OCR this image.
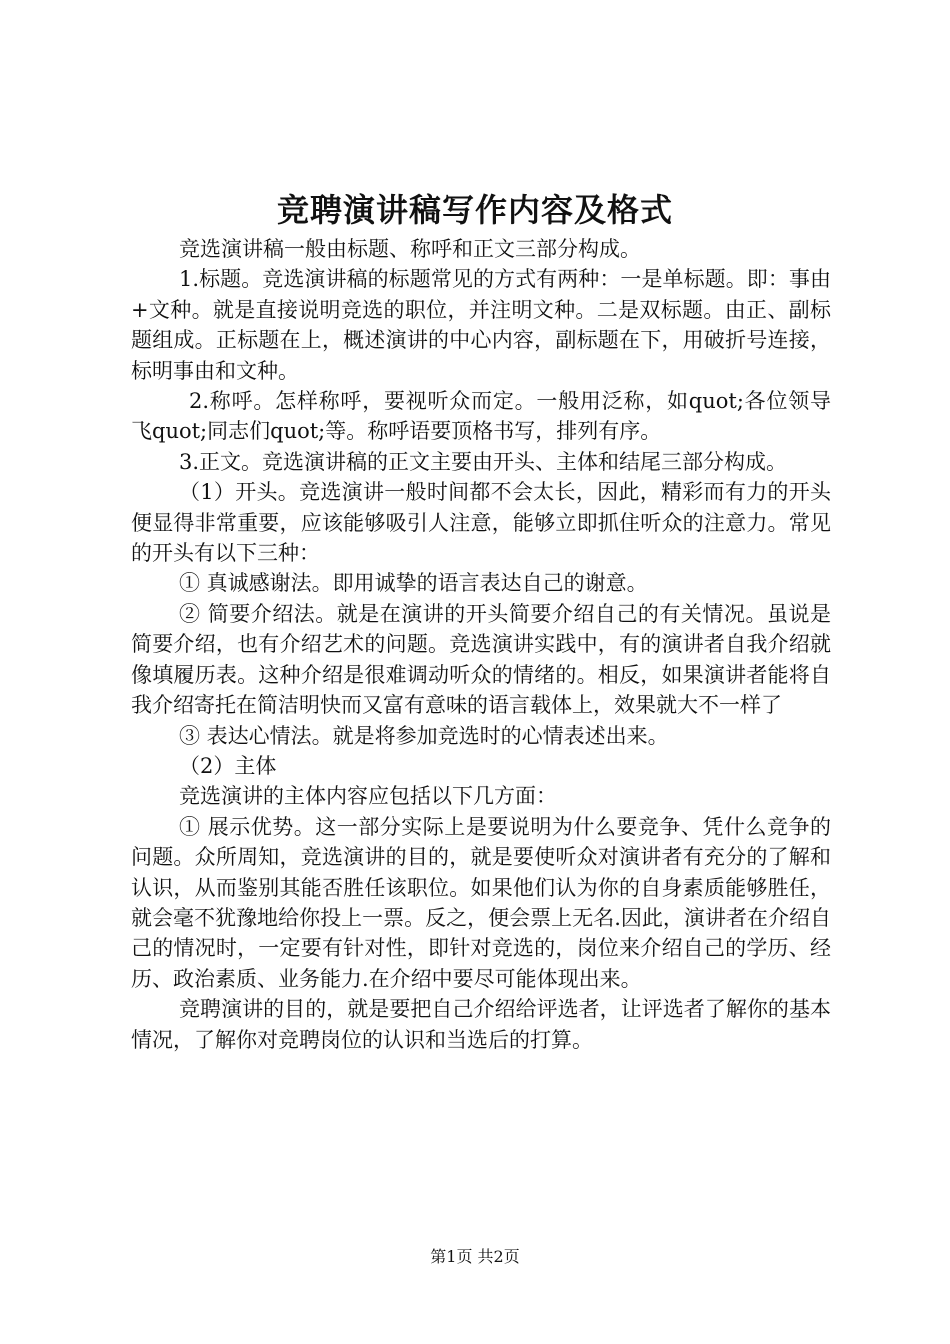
竞聘演讲稿写作内容及格式

竞选演讲稿一般由标题、称呼和正文三部分构成。

1.标题。竞选演讲稿的标题常见的方式有两种：一是单标题。即：事由+文种。就是直接说明竞选的职位，并注明文种。二是双标题。由正、副标题组成。正标题在上，概述演讲的中心内容，副标题在下，用破折号连接，标明事由和文种。

2.称呼。怎样称呼，要视听众而定。一般用泛称，如quot;各位领导飞quot;同志们quot;等。称呼语要顶格书写，排列有序。

3.正文。竞选演讲稿的正文主要由开头、主体和结尾三部分构成。

（1）开头。竞选演讲一般时间都不会太长，因此，精彩而有力的开头便显得非常重要，应该能够吸引人注意，能够立即抓住听众的注意力。常见的开头有以下三种：

① 真诚感谢法。即用诚挚的语言表达自己的谢意。

② 简要介绍法。就是在演讲的开头简要介绍自己的有关情况。虽说是简要介绍，也有介绍艺术的问题。竞选演讲实践中，有的演讲者自我介绍就像填履历表。这种介绍是很难调动听众的情绪的。相反，如果演讲者能将自我介绍寄托在简洁明快而又富有意味的语言载体上，效果就大不一样了

③ 表达心情法。就是将参加竞选时的心情表述出来。

（2）主体

竞选演讲的主体内容应包括以下几方面：

① 展示优势。这一部分实际上是要说明为什么要竞争、凭什么竞争的问题。众所周知，竞选演讲的目的，就是要使听众对演讲者有充分的了解和认识，从而鉴别其能否胜任该职位。如果他们认为你的自身素质能够胜任，就会毫不犹豫地给你投上一票。反之，便会票上无名.因此，演讲者在介绍自己的情况时，一定要有针对性，即针对竞选的，岗位来介绍自己的学历、经历、政治素质、业务能力.在介绍中要尽可能体现出来。

竞聘演讲的目的，就是要把自己介绍给评选者，让评选者了解你的基本情况，了解你对竞聘岗位的认识和当选后的打算。

第1页 共2页
